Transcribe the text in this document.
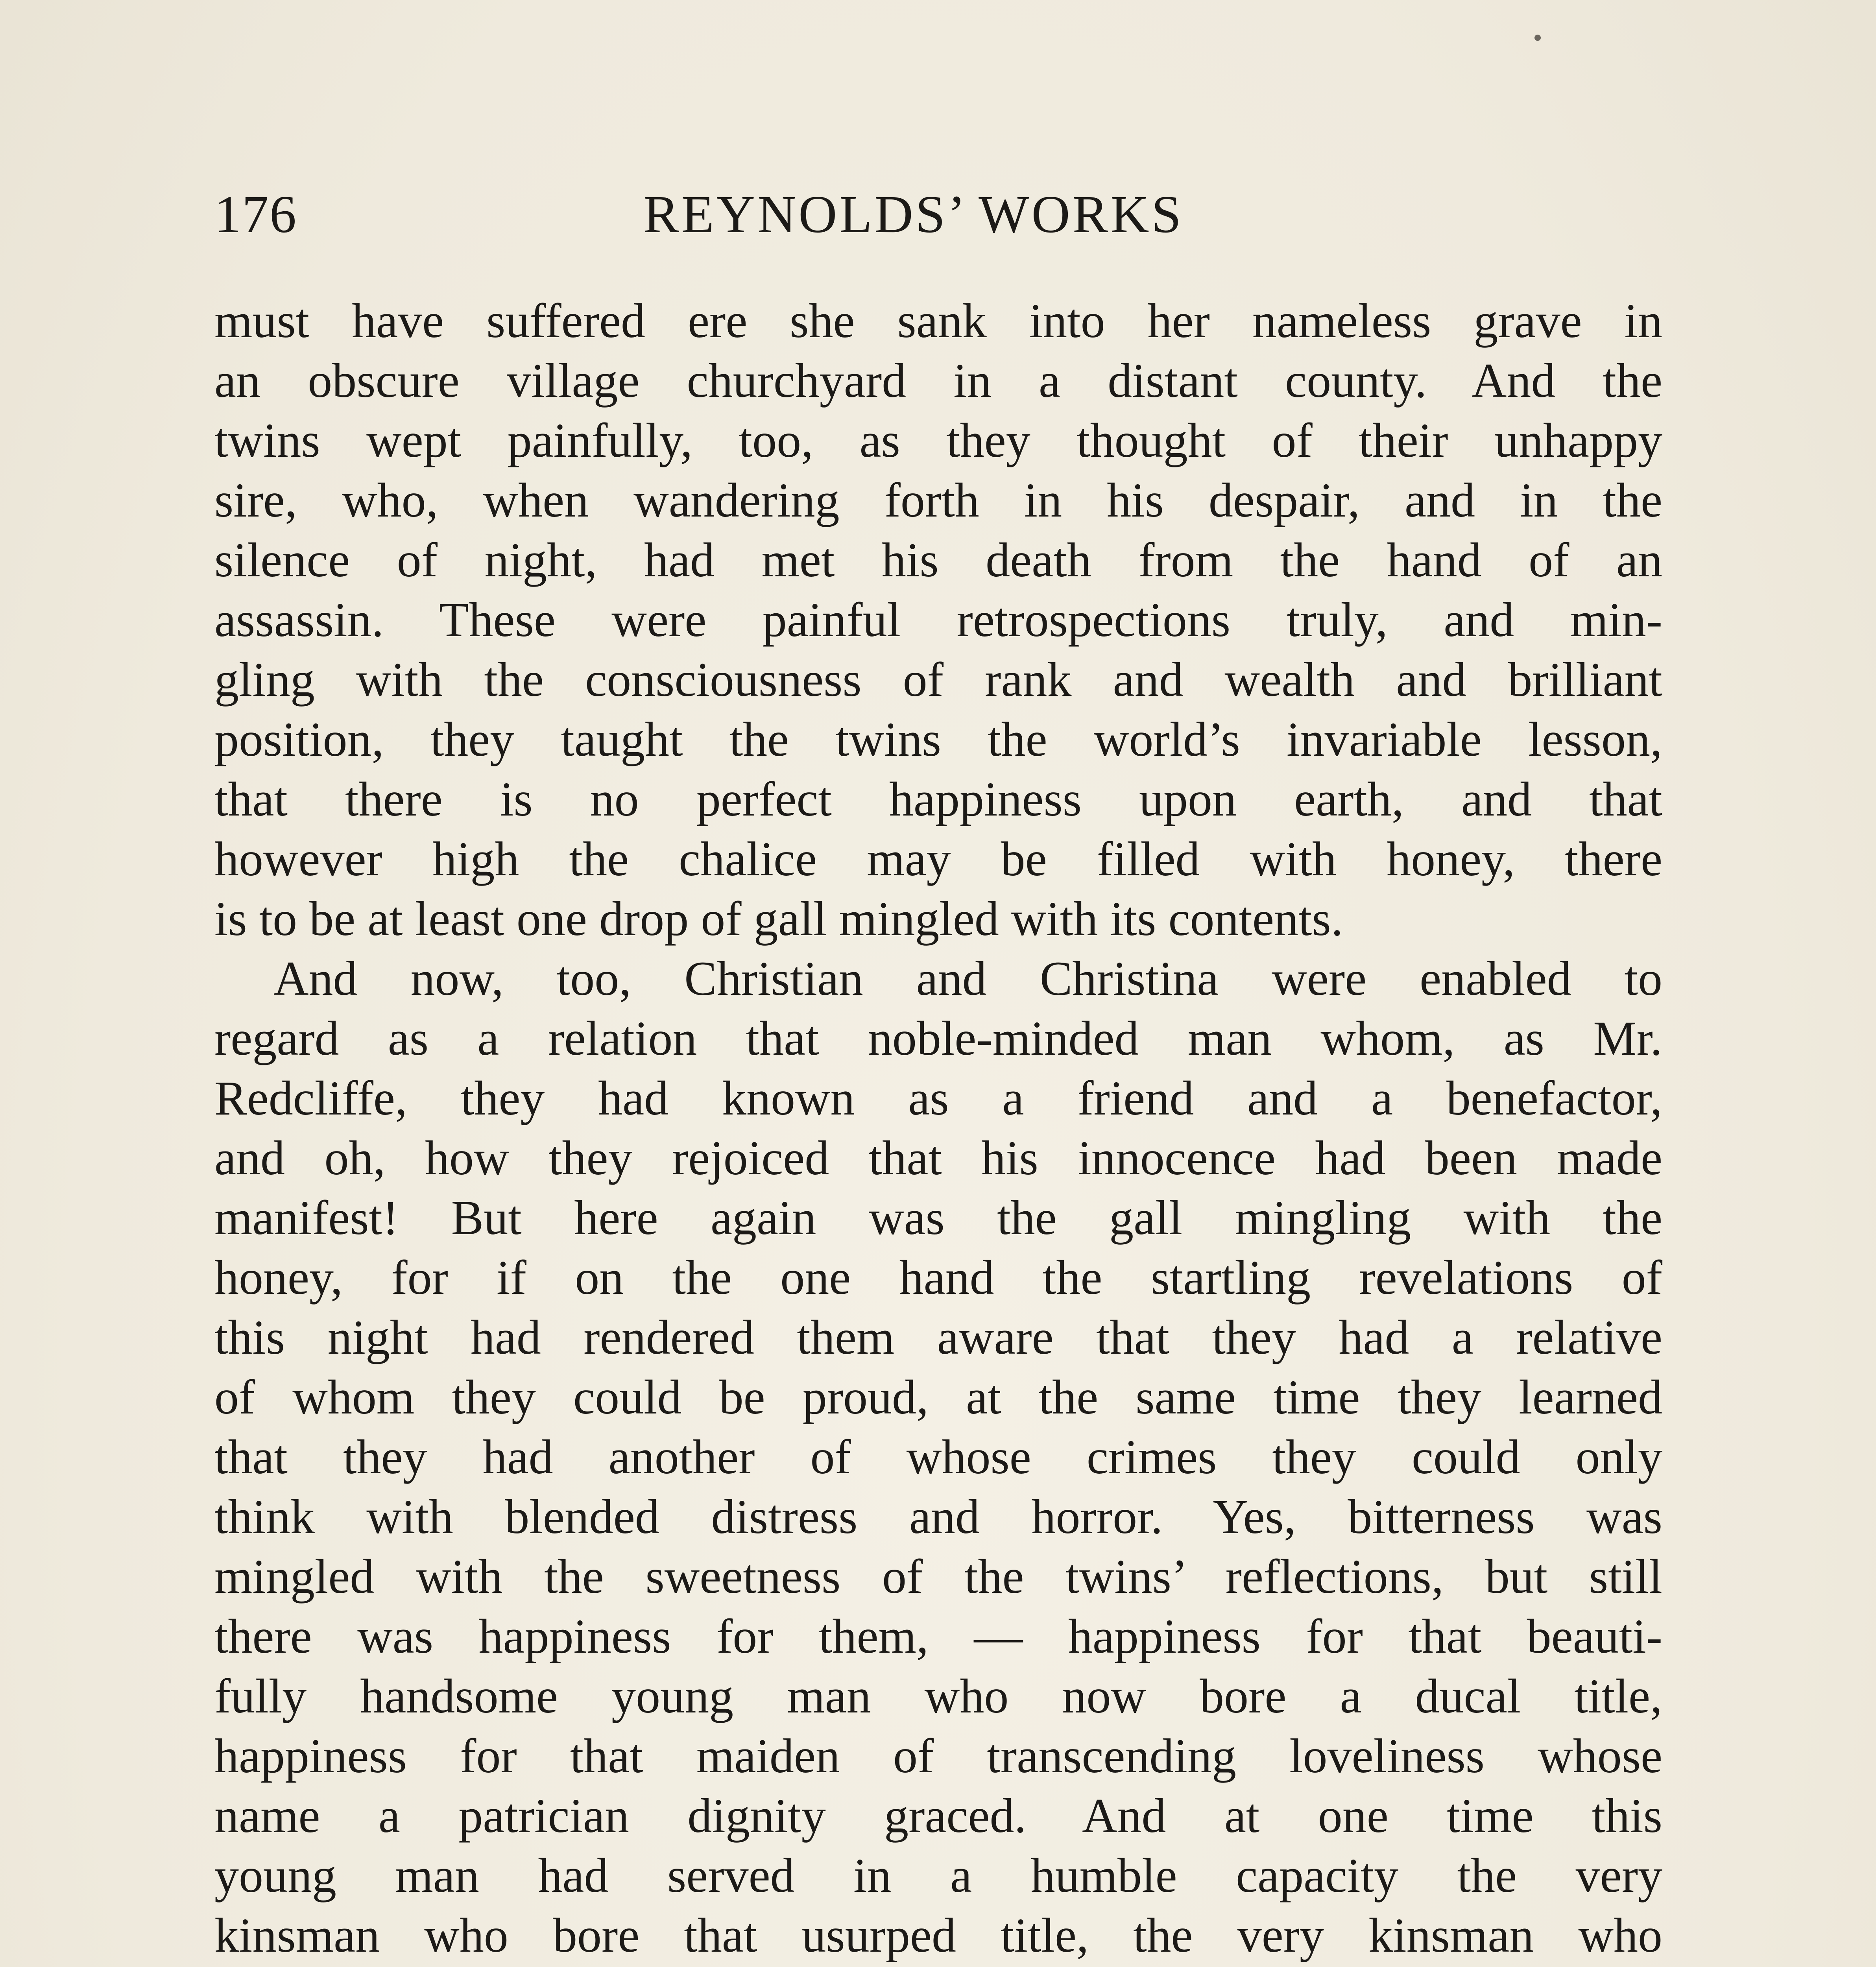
176	REYNOLDS’ WORKS
must have suffered ere she sank into her nameless grave in
an obscure village churchyard in a distant county. And the
twins wept painfully, too, as they thought of their unhappy
sire, who, when wandering forth in his despair, and in the
silence of night, had met his death from the hand of an
assassin. These were painful retrospections truly, and min-
gling with the consciousness of rank and wealth and brilliant
position, they taught the twins the world’s invariable lesson,
that there is no perfect happiness upon earth, and that
however high the chalice may be filled with honey, there
is to be at least one drop of gall mingled with its contents.
And now, too, Christian and Christina were enabled to
regard as a relation that noble-minded man whom, as Mr.
Redcliffe, they had known as a friend and a benefactor,
and oh, how they rejoiced that his innocence had been made
manifest! But here again was the gall mingling with the
honey, for if on the one hand the startling revelations of
this night had rendered them aware that they had a relative
of whom they could be proud, at the same time they learned
that they had another of whose crimes they could only
think with blended distress and horror. Yes, bitterness was
mingled with the sweetness of the twins’ reflections, but still
there was happiness for them, — happiness for that beauti-
fully handsome young man who now bore a ducal title,
happiness for that maiden of transcending loveliness whose
name a patrician dignity graced. And at one time this
young man had served in a humble capacity the very
kinsman who bore that usurped title, the very kinsman who
